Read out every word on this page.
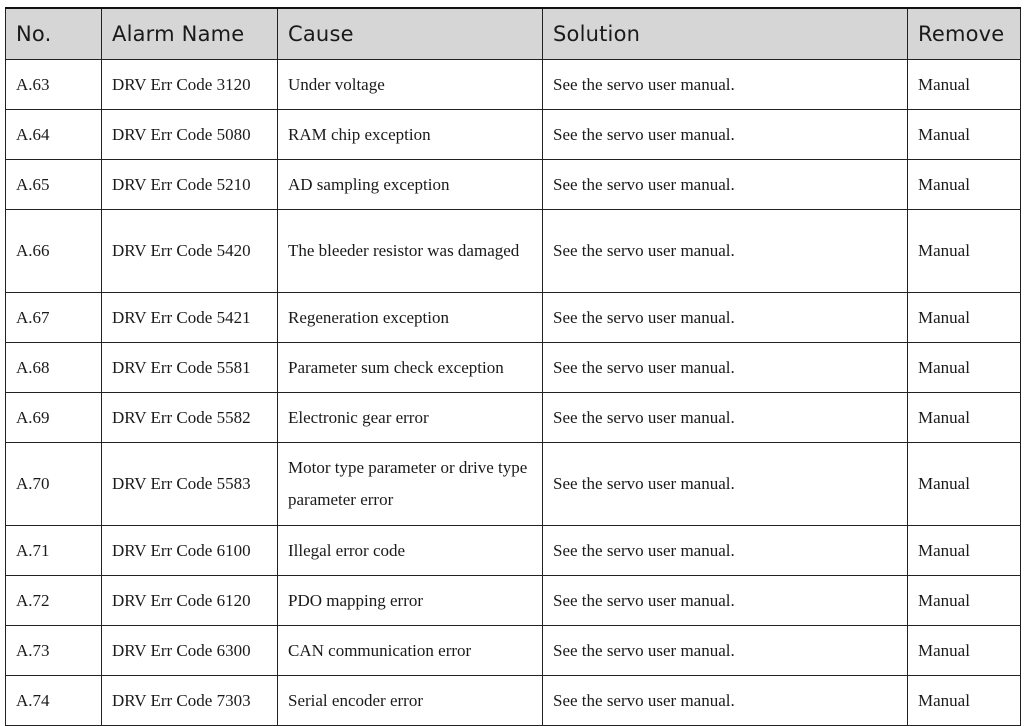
No.	Alarm Name	Cause	Solution	Remove
A.63	DRV Err Code 3120	Under voltage	See the servo user manual.	Manual
A.64	DRV Err Code 5080	RAM chip exception	See the servo user manual.	Manual
A.65	DRV Err Code 5210	AD sampling exception	See the servo user manual.	Manual
A.66	DRV Err Code 5420	The bleeder resistor was damaged	See the servo user manual.	Manual
A.67	DRV Err Code 5421	Regeneration exception	See the servo user manual.	Manual
A.68	DRV Err Code 5581	Parameter sum check exception	See the servo user manual.	Manual
A.69	DRV Err Code 5582	Electronic gear error	See the servo user manual.	Manual
A.70	DRV Err Code 5583	Motor type parameter or drive type parameter error	See the servo user manual.	Manual
A.71	DRV Err Code 6100	Illegal error code	See the servo user manual.	Manual
A.72	DRV Err Code 6120	PDO mapping error	See the servo user manual.	Manual
A.73	DRV Err Code 6300	CAN communication error	See the servo user manual.	Manual
A.74	DRV Err Code 7303	Serial encoder error	See the servo user manual.	Manual
